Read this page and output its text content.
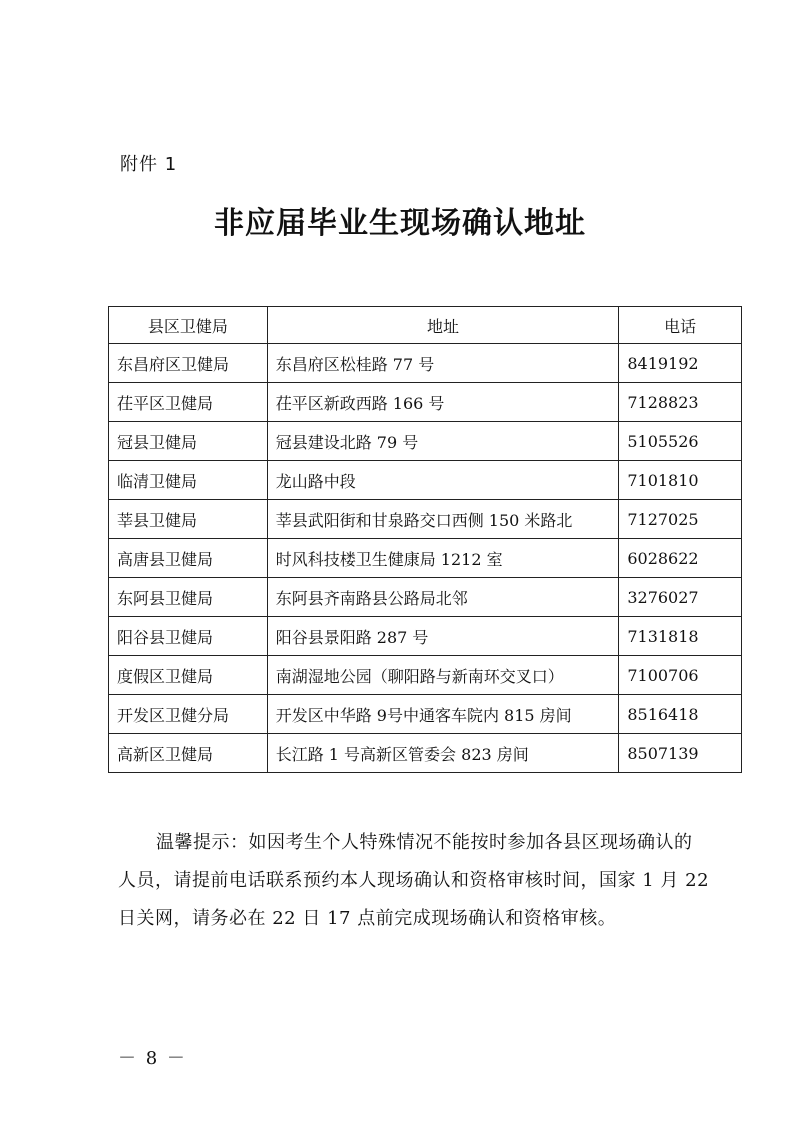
附件 1
非应届毕业生现场确认地址
县区卫健局	地址	电话
东昌府区卫健局	东昌府区松桂路 77 号	8419192
茌平区卫健局	茌平区新政西路 166 号	7128823
冠县卫健局	冠县建设北路 79 号	5105526
临清卫健局	龙山路中段	7101810
莘县卫健局	莘县武阳街和甘泉路交口西侧 150 米路北	7127025
高唐县卫健局	时风科技楼卫生健康局 1212 室	6028622
东阿县卫健局	东阿县齐南路县公路局北邻	3276027
阳谷县卫健局	阳谷县景阳路 287 号	7131818
度假区卫健局	南湖湿地公园（聊阳路与新南环交叉口）	7100706
开发区卫健分局	开发区中华路 9号中通客车院内 815 房间	8516418
高新区卫健局	长江路 1 号高新区管委会 823 房间	8507139

温馨提示：如因考生个人特殊情况不能按时参加各县区现场确认的人员，请提前电话联系预约本人现场确认和资格审核时间，国家 1 月 22 日关网，请务必在 22 日 17 点前完成现场确认和资格审核。

－ 8 －
